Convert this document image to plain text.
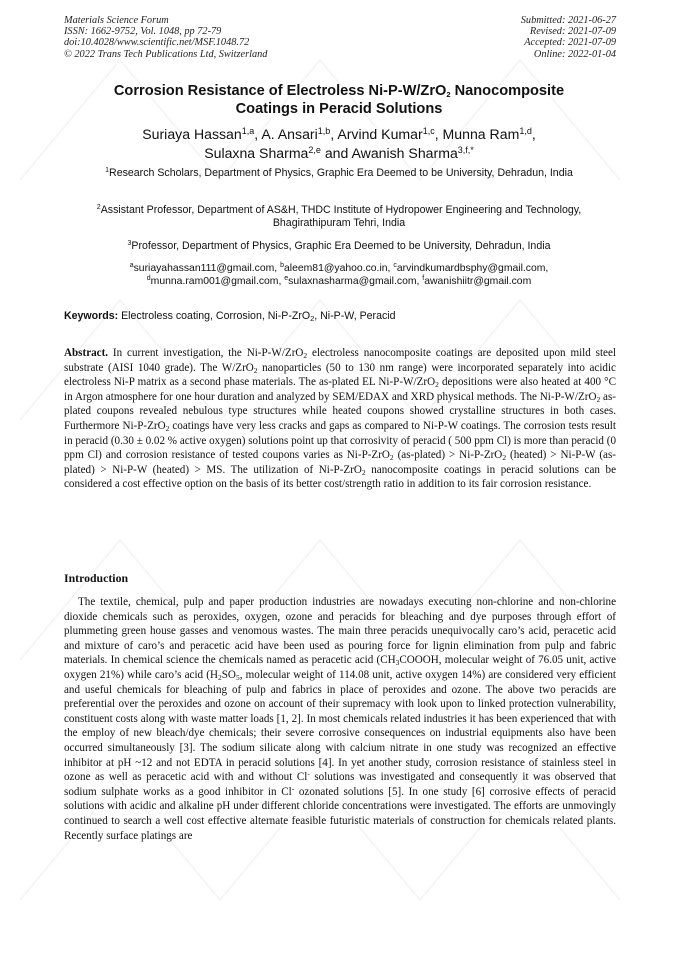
Materials Science Forum
ISSN: 1662-9752, Vol. 1048, pp 72-79
doi:10.4028/www.scientific.net/MSF.1048.72
© 2022 Trans Tech Publications Ltd, Switzerland
Submitted: 2021-06-27
Revised: 2021-07-09
Accepted: 2021-07-09
Online: 2022-01-04
Corrosion Resistance of Electroless Ni-P-W/ZrO$_2$ Nanocomposite
Coatings in Peracid Solutions
Suriaya Hassan$^{1,a}$, A. Ansari$^{1,b}$, Arvind Kumar$^{1,c}$, Munna Ram$^{1,d}$,
Sulaxna Sharma$^{2,e}$ and Awanish Sharma$^{3,f,*}$
$^1$Research Scholars, Department of Physics, Graphic Era Deemed to be University, Dehradun, India
$^2$Assistant Professor, Department of AS&H, THDC Institute of Hydropower Engineering and Technology, Bhagirathipuram Tehri, India
$^3$Professor, Department of Physics, Graphic Era Deemed to be University, Dehradun, India
$^a$suriayahassan111@gmail.com, $^b$aleem81@yahoo.co.in, $^c$arvindkumardbsphy@gmail.com,
$^d$munna.ram001@gmail.com, $^e$sulaxnasharma@gmail.com, $^f$awanishiitr@gmail.com
Keywords: Electroless coating, Corrosion, Ni-P-ZrO$_2$, Ni-P-W, Peracid
Abstract. In current investigation, the Ni-P-W/ZrO$_2$ electroless nanocomposite coatings are deposited upon mild steel substrate (AISI 1040 grade). The W/ZrO$_2$ nanoparticles (50 to 130 nm range) were incorporated separately into acidic electroless Ni-P matrix as a second phase materials. The as-plated EL Ni-P-W/ZrO$_2$ depositions were also heated at 400 °C in Argon atmosphere for one hour duration and analyzed by SEM/EDAX and XRD physical methods. The Ni-P-W/ZrO$_2$ as-plated coupons revealed nebulous type structures while heated coupons showed crystalline structures in both cases. Furthermore Ni-P-ZrO$_2$ coatings have very less cracks and gaps as compared to Ni-P-W coatings. The corrosion tests result in peracid (0.30 ± 0.02 % active oxygen) solutions point up that corrosivity of peracid ( 500 ppm Cl) is more than peracid (0 ppm Cl) and corrosion resistance of tested coupons varies as Ni-P-ZrO$_2$ (as-plated) > Ni-P-ZrO$_2$ (heated) > Ni-P-W (as-plated) > Ni-P-W (heated) > MS. The utilization of Ni-P-ZrO$_2$ nanocomposite coatings in peracid solutions can be considered a cost effective option on the basis of its better cost/strength ratio in addition to its fair corrosion resistance.
Introduction
The textile, chemical, pulp and paper production industries are nowadays executing non-chlorine and non-chlorine dioxide chemicals such as peroxides, oxygen, ozone and peracids for bleaching and dye purposes through effort of plummeting green house gasses and venomous wastes. The main three peracids unequivocally caro’s acid, peracetic acid and mixture of caro’s and peracetic acid have been used as pouring force for lignin elimination from pulp and fabric materials. In chemical science the chemicals named as peracetic acid ($CH_3COOOH$, molecular weight of 76.05 unit, active oxygen 21%) while caro’s acid ($H_2SO_5$, molecular weight of 114.08 unit, active oxygen 14%) are considered very efficient and useful chemicals for bleaching of pulp and fabrics in place of peroxides and ozone. The above two peracids are preferential over the peroxides and ozone on account of their supremacy with look upon to linked protection vulnerability, constituent costs along with waste matter loads [1, 2]. In most chemicals related industries it has been experienced that with the employ of new bleach/dye chemicals; their severe corrosive consequences on industrial equipments also have been occurred simultaneously [3]. The sodium silicate along with calcium nitrate in one study was recognized an effective inhibitor at pH ~12 and not EDTA in peracid solutions [4]. In yet another study, corrosion resistance of stainless steel in ozone as well as peracetic acid with and without Cl- solutions was investigated and consequently it was observed that sodium sulphate works as a good inhibitor in Cl- ozonated solutions [5]. In one study [6] corrosive effects of peracid solutions with acidic and alkaline pH under different chloride concentrations were investigated. The efforts are unmovingly continued to search a well cost effective alternate feasible futuristic materials of construction for chemicals related plants. Recently surface platings are
